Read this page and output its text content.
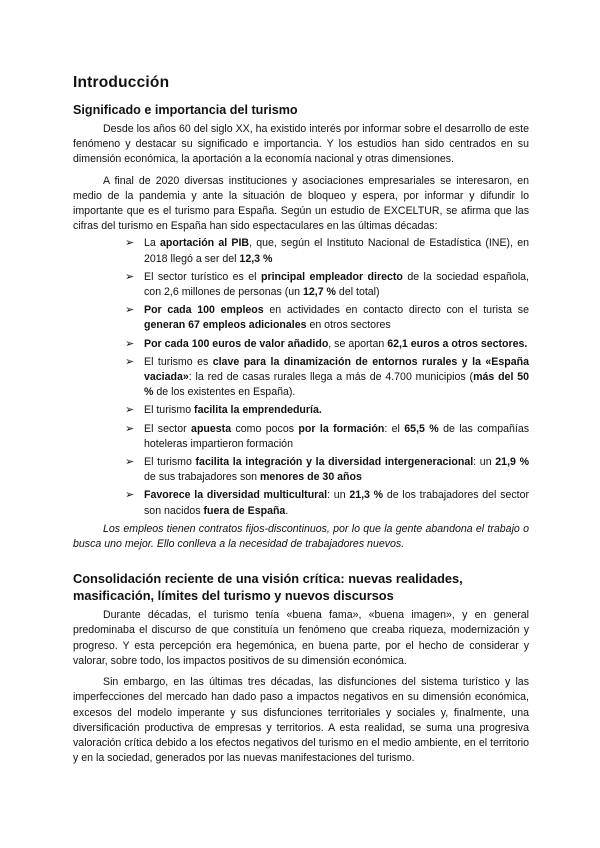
Introducción
Significado e importancia del turismo

Desde los años 60 del siglo XX, ha existido interés por informar sobre el desarrollo de este fenómeno y destacar su significado e importancia. Y los estudios han sido centrados en su dimensión económica, la aportación a la economía nacional y otras dimensiones.

A final de 2020 diversas instituciones y asociaciones empresariales se interesaron, en medio de la pandemia y ante la situación de bloqueo y espera, por informar y difundir lo importante que es el turismo para España. Según un estudio de EXCELTUR, se afirma que las cifras del turismo en España han sido espectaculares en las últimas décadas:

➢ La aportación al PIB, que, según el Instituto Nacional de Estadística (INE), en 2018 llegó a ser del 12,3 %
➢ El sector turístico es el principal empleador directo de la sociedad española, con 2,6 millones de personas (un 12,7 % del total)
➢ Por cada 100 empleos en actividades en contacto directo con el turista se generan 67 empleos adicionales en otros sectores
➢ Por cada 100 euros de valor añadido, se aportan 62,1 euros a otros sectores.
➢ El turismo es clave para la dinamización de entornos rurales y la «España vaciada»: la red de casas rurales llega a más de 4.700 municipios (más del 50 % de los existentes en España).
➢ El turismo facilita la emprendeduría.
➢ El sector apuesta como pocos por la formación: el 65,5 % de las compañías hoteleras impartieron formación
➢ El turismo facilita la integración y la diversidad intergeneracional: un 21,9 % de sus trabajadores son menores de 30 años
➢ Favorece la diversidad multicultural: un 21,3 % de los trabajadores del sector son nacidos fuera de España.

Los empleos tienen contratos fijos-discontinuos, por lo que la gente abandona el trabajo o busca uno mejor. Ello conlleva a la necesidad de trabajadores nuevos.

Consolidación reciente de una visión crítica: nuevas realidades, masificación, límites del turismo y nuevos discursos

Durante décadas, el turismo tenía «buena fama», «buena imagen», y en general predominaba el discurso de que constituía un fenómeno que creaba riqueza, modernización y progreso. Y esta percepción era hegemónica, en buena parte, por el hecho de considerar y valorar, sobre todo, los impactos positivos de su dimensión económica.

Sin embargo, en las últimas tres décadas, las disfunciones del sistema turístico y las imperfecciones del mercado han dado paso a impactos negativos en su dimensión económica, excesos del modelo imperante y sus disfunciones territoriales y sociales y, finalmente, una diversificación productiva de empresas y territorios. A esta realidad, se suma una progresiva valoración crítica debido a los efectos negativos del turismo en el medio ambiente, en el territorio y en la sociedad, generados por las nuevas manifestaciones del turismo.
